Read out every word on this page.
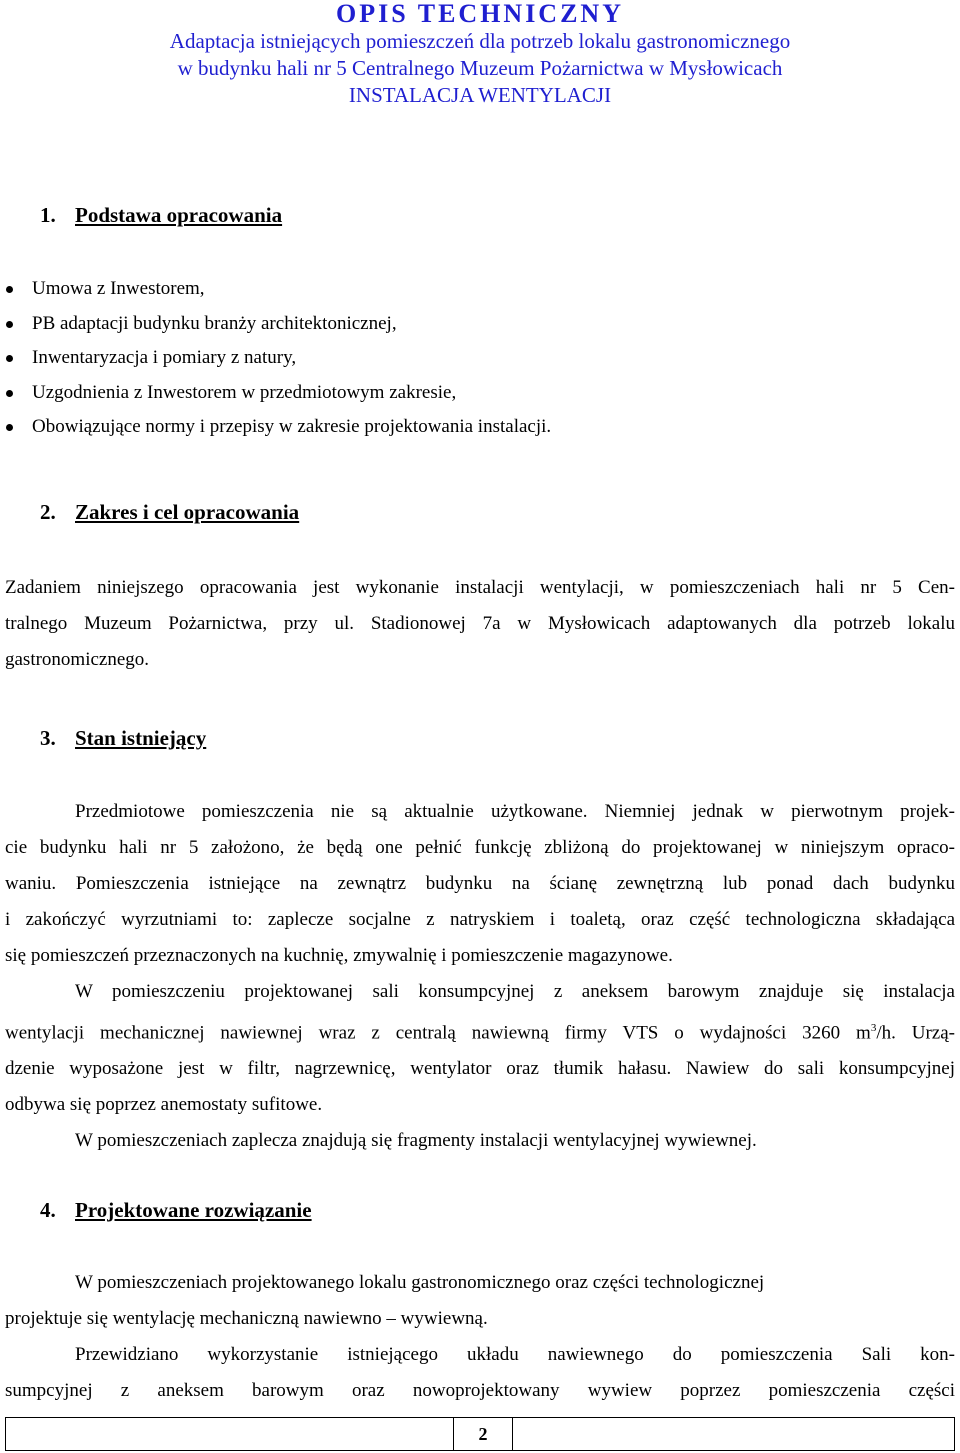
OPIS TECHNICZNY
Adaptacja istniejących pomieszczeń dla potrzeb lokalu gastronomicznego
w budynku hali nr 5 Centralnego Muzeum Pożarnictwa w Mysłowicach
INSTALACJA WENTYLACJI
1. Podstawa opracowania
Umowa z Inwestorem,
PB adaptacji budynku branży architektonicznej,
Inwentaryzacja i pomiary z natury,
Uzgodnienia z Inwestorem w przedmiotowym zakresie,
Obowiązujące normy i przepisy w zakresie projektowania instalacji.
2. Zakres i cel opracowania
Zadaniem niniejszego opracowania jest wykonanie instalacji wentylacji, w pomieszczeniach hali nr 5 Cen-
tralnego Muzeum Pożarnictwa, przy ul. Stadionowej 7a w Mysłowicach adaptowanych dla potrzeb lokalu
gastronomicznego.
3. Stan istniejący
Przedmiotowe pomieszczenia nie są aktualnie użytkowane. Niemniej jednak w pierwotnym projek-
cie budynku hali nr 5 założono, że będą one pełnić funkcję zbliżoną do projektowanej w niniejszym opraco-
waniu. Pomieszczenia istniejące na zewnątrz budynku na ścianę zewnętrzną lub ponad dach budynku
i zakończyć wyrzutniami to: zaplecze socjalne z natryskiem i toaletą, oraz część technologiczna składająca
się pomieszczeń przeznaczonych na kuchnię, zmywalnię i pomieszczenie magazynowe.
W pomieszczeniu projektowanej sali konsumpcyjnej z aneksem barowym znajduje się instalacja
wentylacji mechanicznej nawiewnej wraz z centralą nawiewną firmy VTS o wydajności 3260 $m^3/h$. Urzą-
dzenie wyposażone jest w filtr, nagrzewnicę, wentylator oraz tłumik hałasu. Nawiew do sali konsumpcyjnej
odbywa się poprzez anemostaty sufitowe.
W pomieszczeniach zaplecza znajdują się fragmenty instalacji wentylacyjnej wywiewnej.
4. Projektowane rozwiązanie
W pomieszczeniach projektowanego lokalu gastronomicznego oraz części technologicznej
projektuje się wentylację mechaniczną nawiewno – wywiewną.
Przewidziano wykorzystanie istniejącego układu nawiewnego do pomieszczenia Sali kon-
sumpcyjnej z aneksem barowym oraz nowoprojektowany wywiew poprzez pomieszczenia części
2
